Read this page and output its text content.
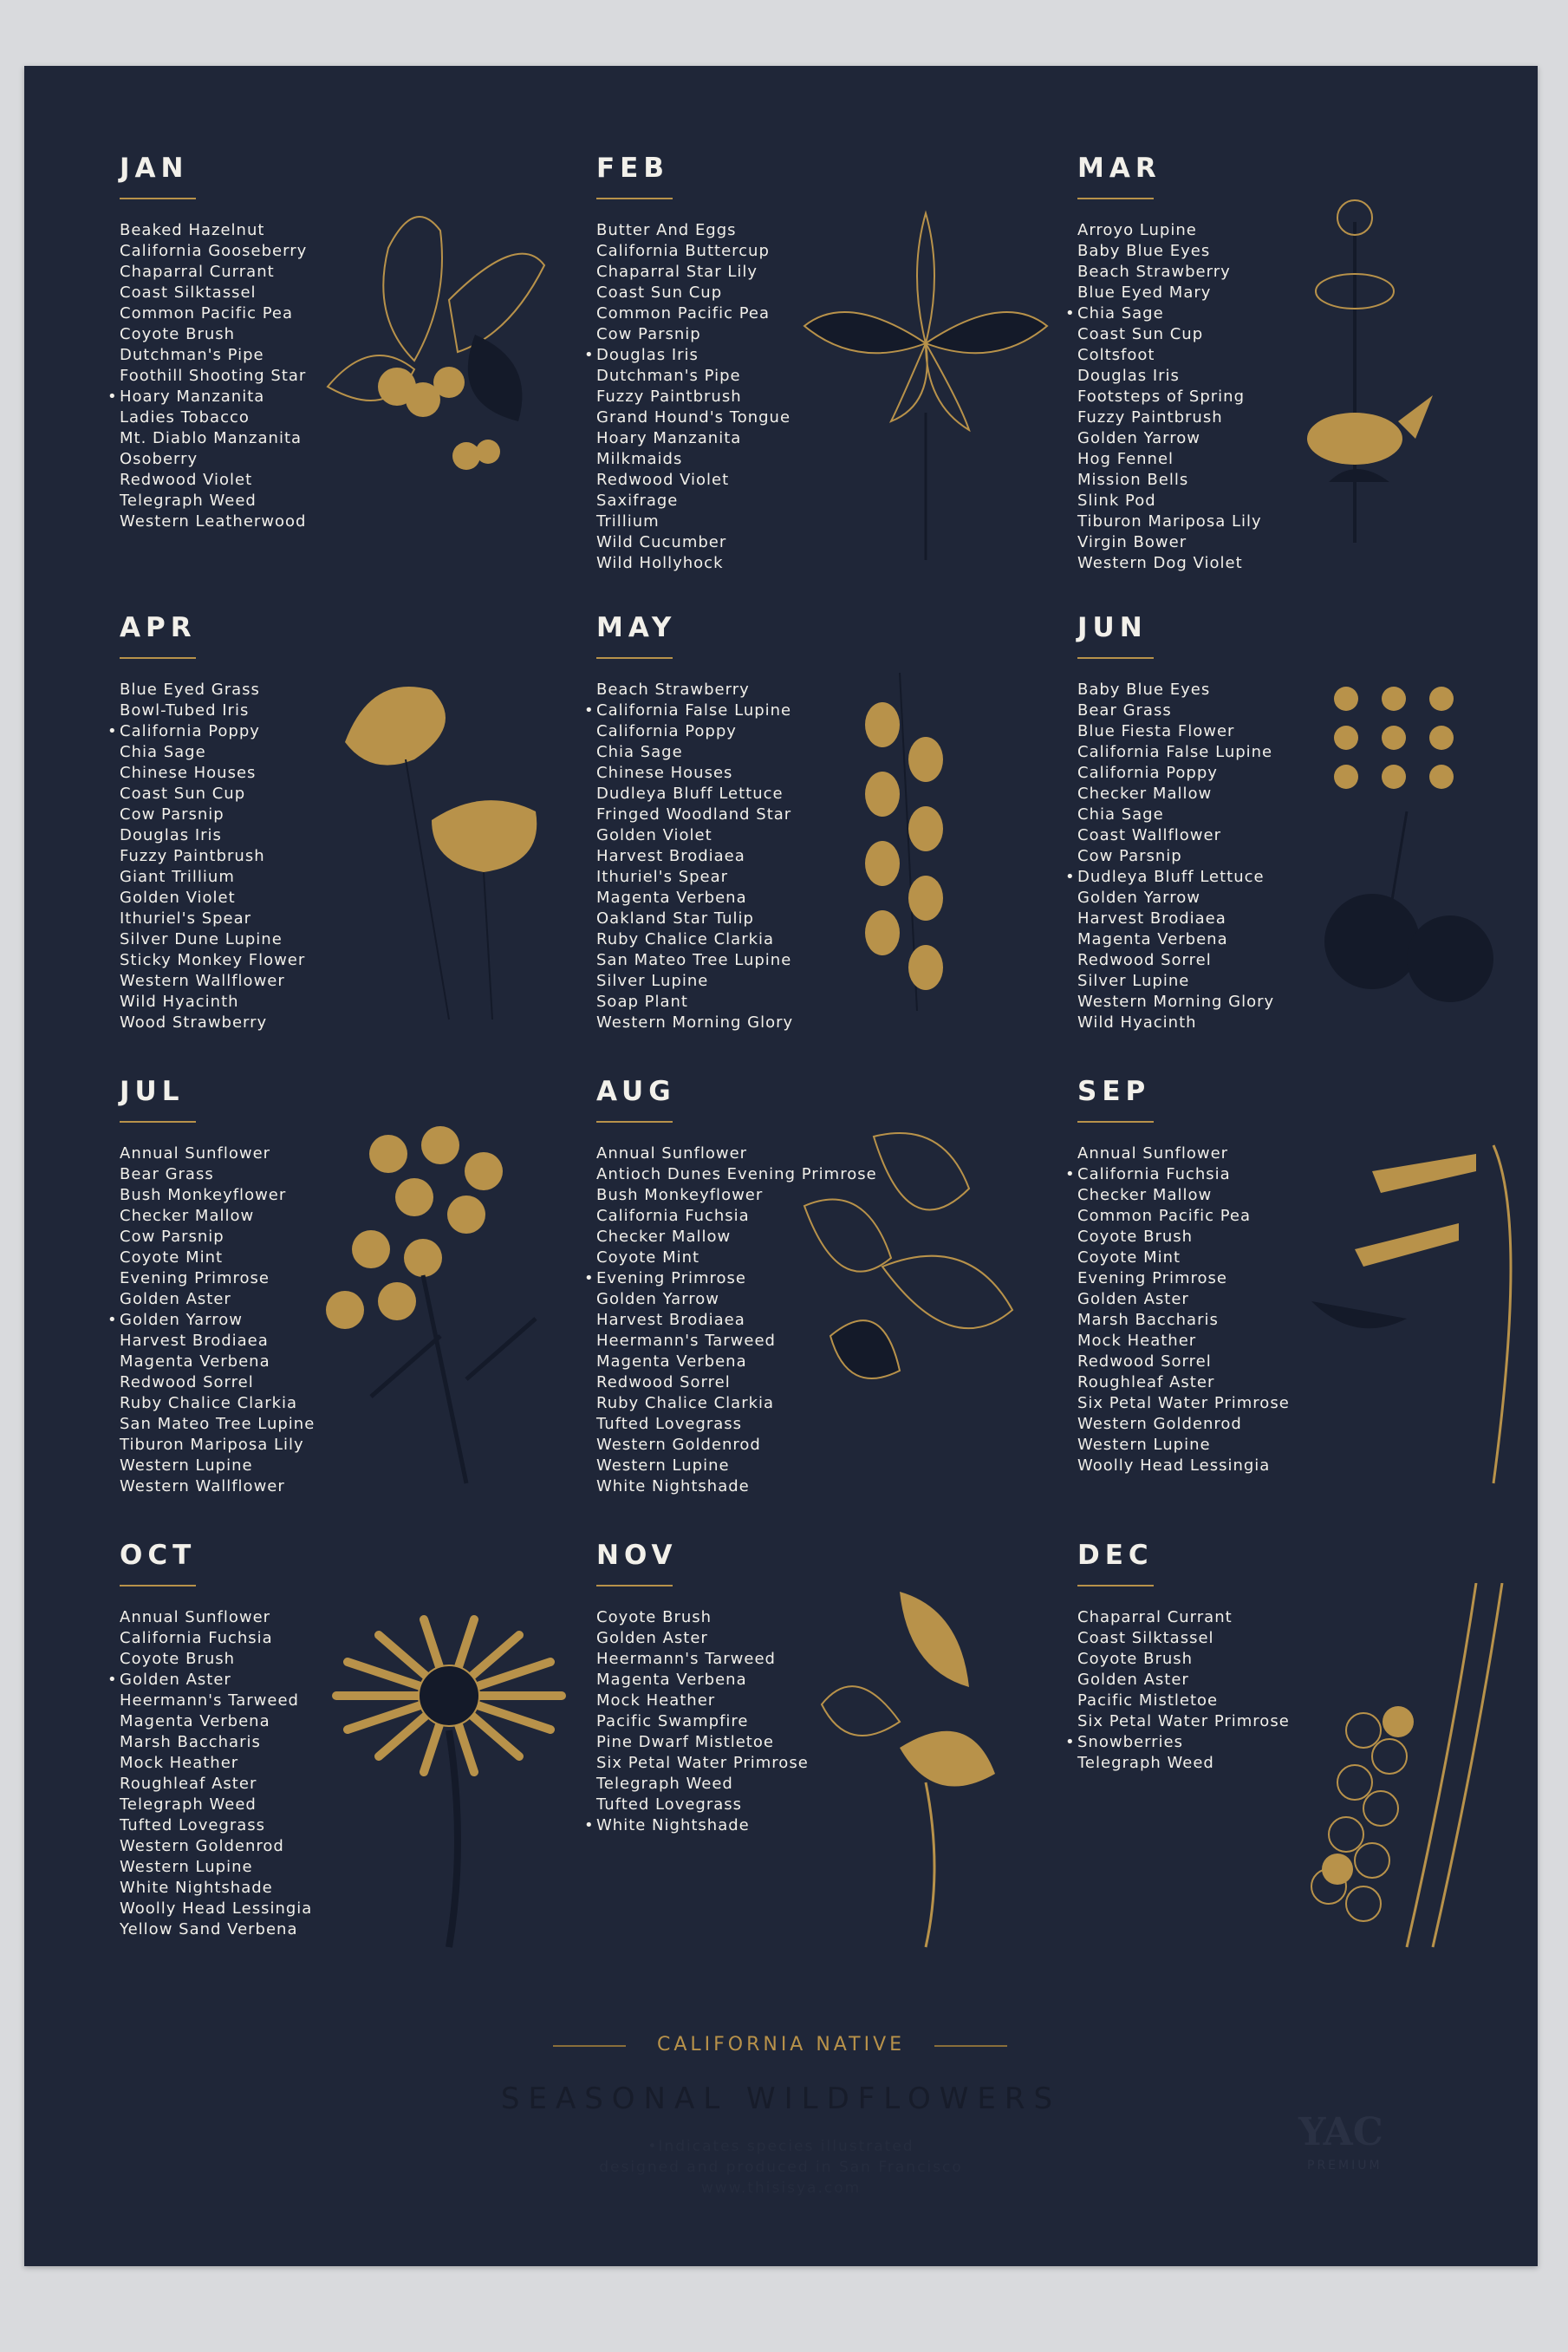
JAN
Beaked Hazelnut
California Gooseberry
Chaparral Currant
Coast Silktassel
Common Pacific Pea
Coyote Brush
Dutchman's Pipe
Foothill Shooting Star
• Hoary Manzanita
Ladies Tobacco
Mt. Diablo Manzanita
Osoberry
Redwood Violet
Telegraph Weed
Western Leatherwood
FEB
Butter And Eggs
California Buttercup
Chaparral Star Lily
Coast Sun Cup
Common Pacific Pea
Cow Parsnip
• Douglas Iris
Dutchman's Pipe
Fuzzy Paintbrush
Grand Hound's Tongue
Hoary Manzanita
Milkmaids
Redwood Violet
Saxifrage
Trillium
Wild Cucumber
Wild Hollyhock
MAR
Arroyo Lupine
Baby Blue Eyes
Beach Strawberry
Blue Eyed Mary
• Chia Sage
Coast Sun Cup
Coltsfoot
Douglas Iris
Footsteps of Spring
Fuzzy Paintbrush
Golden Yarrow
Hog Fennel
Mission Bells
Slink Pod
Tiburon Mariposa Lily
Virgin Bower
Western Dog Violet
APR
Blue Eyed Grass
Bowl-Tubed Iris
• California Poppy
Chia Sage
Chinese Houses
Coast Sun Cup
Cow Parsnip
Douglas Iris
Fuzzy Paintbrush
Giant Trillium
Golden Violet
Ithuriel's Spear
Silver Dune Lupine
Sticky Monkey Flower
Western Wallflower
Wild Hyacinth
Wood Strawberry
MAY
Beach Strawberry
• California False Lupine
California Poppy
Chia Sage
Chinese Houses
Dudleya Bluff Lettuce
Fringed Woodland Star
Golden Violet
Harvest Brodiaea
Ithuriel's Spear
Magenta Verbena
Oakland Star Tulip
Ruby Chalice Clarkia
San Mateo Tree Lupine
Silver Lupine
Soap Plant
Western Morning Glory
JUN
Baby Blue Eyes
Bear Grass
Blue Fiesta Flower
California False Lupine
California Poppy
Checker Mallow
Chia Sage
Coast Wallflower
Cow Parsnip
• Dudleya Bluff Lettuce
Golden Yarrow
Harvest Brodiaea
Magenta Verbena
Redwood Sorrel
Silver Lupine
Western Morning Glory
Wild Hyacinth
JUL
Annual Sunflower
Bear Grass
Bush Monkeyflower
Checker Mallow
Cow Parsnip
Coyote Mint
Evening Primrose
Golden Aster
• Golden Yarrow
Harvest Brodiaea
Magenta Verbena
Redwood Sorrel
Ruby Chalice Clarkia
San Mateo Tree Lupine
Tiburon Mariposa Lily
Western Lupine
Western Wallflower
AUG
Annual Sunflower
Antioch Dunes Evening Primrose
Bush Monkeyflower
California Fuchsia
Checker Mallow
Coyote Mint
• Evening Primrose
Golden Yarrow
Harvest Brodiaea
Heermann's Tarweed
Magenta Verbena
Redwood Sorrel
Ruby Chalice Clarkia
Tufted Lovegrass
Western Goldenrod
Western Lupine
White Nightshade
SEP
Annual Sunflower
• California Fuchsia
Checker Mallow
Common Pacific Pea
Coyote Brush
Coyote Mint
Evening Primrose
Golden Aster
Marsh Baccharis
Mock Heather
Redwood Sorrel
Roughleaf Aster
Six Petal Water Primrose
Western Goldenrod
Western Lupine
Woolly Head Lessingia
OCT
Annual Sunflower
California Fuchsia
Coyote Brush
• Golden Aster
Heermann's Tarweed
Magenta Verbena
Marsh Baccharis
Mock Heather
Roughleaf Aster
Telegraph Weed
Tufted Lovegrass
Western Goldenrod
Western Lupine
White Nightshade
Woolly Head Lessingia
Yellow Sand Verbena
NOV
Coyote Brush
Golden Aster
Heermann's Tarweed
Magenta Verbena
Mock Heather
Pacific Swampfire
Pine Dwarf Mistletoe
Six Petal Water Primrose
Telegraph Weed
Tufted Lovegrass
• White Nightshade
DEC
Chaparral Currant
Coast Silktassel
Coyote Brush
Golden Aster
Pacific Mistletoe
Six Petal Water Primrose
• Snowberries
Telegraph Weed
CALIFORNIA NATIVE
SEASONAL WILDFLOWERS
•Indicates species illustrated
designed and produced in San Francisco
www.thisisya.com
YAC
PREMIUM
